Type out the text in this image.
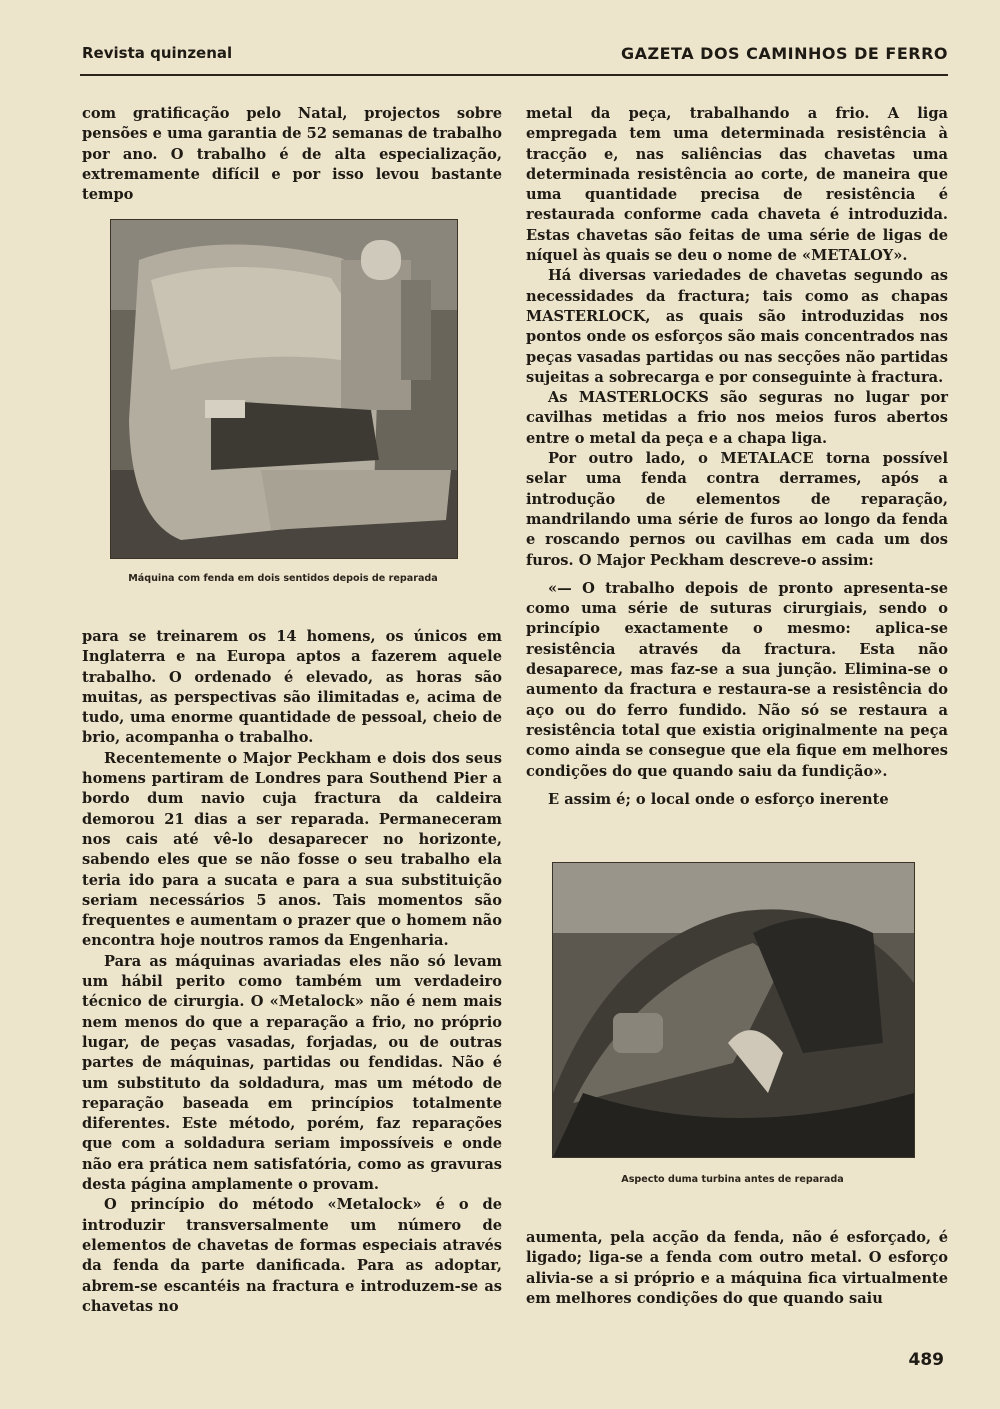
Revista quinzenal	GAZETA DOS CAMINHOS DE FERRO

com gratificação pelo Natal, projectos sobre pensões e uma garantia de 52 semanas de trabalho por ano. O trabalho é de alta especialização, extremamente difícil e por isso levou bastante tempo

Máquina com fenda em dois sentidos depois de reparada

para se treinarem os 14 homens, os únicos em Inglaterra e na Europa aptos a fazerem aquele trabalho. O ordenado é elevado, as horas são muitas, as perspectivas são ilimitadas e, acima de tudo, uma enorme quantidade de pessoal, cheio de brio, acompanha o trabalho.

Recentemente o Major Peckham e dois dos seus homens partiram de Londres para Southend Pier a bordo dum navio cuja fractura da caldeira demorou 21 dias a ser reparada. Permaneceram nos cais até vê-lo desaparecer no horizonte, sabendo eles que se não fosse o seu trabalho ela teria ido para a sucata e para a sua substituição seriam necessários 5 anos. Tais momentos são frequentes e aumentam o prazer que o homem não encontra hoje noutros ramos da Engenharia.

Para as máquinas avariadas eles não só levam um hábil perito como também um verdadeiro técnico de cirurgia. O «Metalock» não é nem mais nem menos do que a reparação a frio, no próprio lugar, de peças vasadas, forjadas, ou de outras partes de máquinas, partidas ou fendidas. Não é um substituto da soldadura, mas um método de reparação baseada em princípios totalmente diferentes. Este método, porém, faz reparações que com a soldadura seriam impossíveis e onde não era prática nem satisfatória, como as gravuras desta página amplamente o provam.

O princípio do método «Metalock» é o de introduzir transversalmente um número de elementos de chavetas de formas especiais através da fenda da parte danificada. Para as adoptar, abrem-se escantéis na fractura e introduzem-se as chavetas no

metal da peça, trabalhando a frio. A liga empregada tem uma determinada resistência à tracção e, nas saliências das chavetas uma determinada resistência ao corte, de maneira que uma quantidade precisa de resistência é restaurada conforme cada chaveta é introduzida. Estas chavetas são feitas de uma série de ligas de níquel às quais se deu o nome de «METALOY».

Há diversas variedades de chavetas segundo as necessidades da fractura; tais como as chapas MASTERLOCK, as quais são introduzidas nos pontos onde os esforços são mais concentrados nas peças vasadas partidas ou nas secções não partidas sujeitas a sobrecarga e por conseguinte à fractura.

As MASTERLOCKS são seguras no lugar por cavilhas metidas a frio nos meios furos abertos entre o metal da peça e a chapa liga.

Por outro lado, o METALACE torna possível selar uma fenda contra derrames, após a introdução de elementos de reparação, mandrilando uma série de furos ao longo da fenda e roscando pernos ou cavilhas em cada um dos furos. O Major Peckham descreve-o assim:

«— O trabalho depois de pronto apresenta-se como uma série de suturas cirurgiais, sendo o princípio exactamente o mesmo: aplica-se resistência através da fractura. Esta não desaparece, mas faz-se a sua junção. Elimina-se o aumento da fractura e restaura-se a resistência do aço ou do ferro fundido. Não só se restaura a resistência total que existia originalmente na peça como ainda se consegue que ela fique em melhores condições do que quando saiu da fundição».

E assim é; o local onde o esforço inerente

Aspecto duma turbina antes de reparada

aumenta, pela acção da fenda, não é esforçado, é ligado; liga-se a fenda com outro metal. O esforço alivia-se a si próprio e a máquina fica virtualmente em melhores condições do que quando saiu

489
